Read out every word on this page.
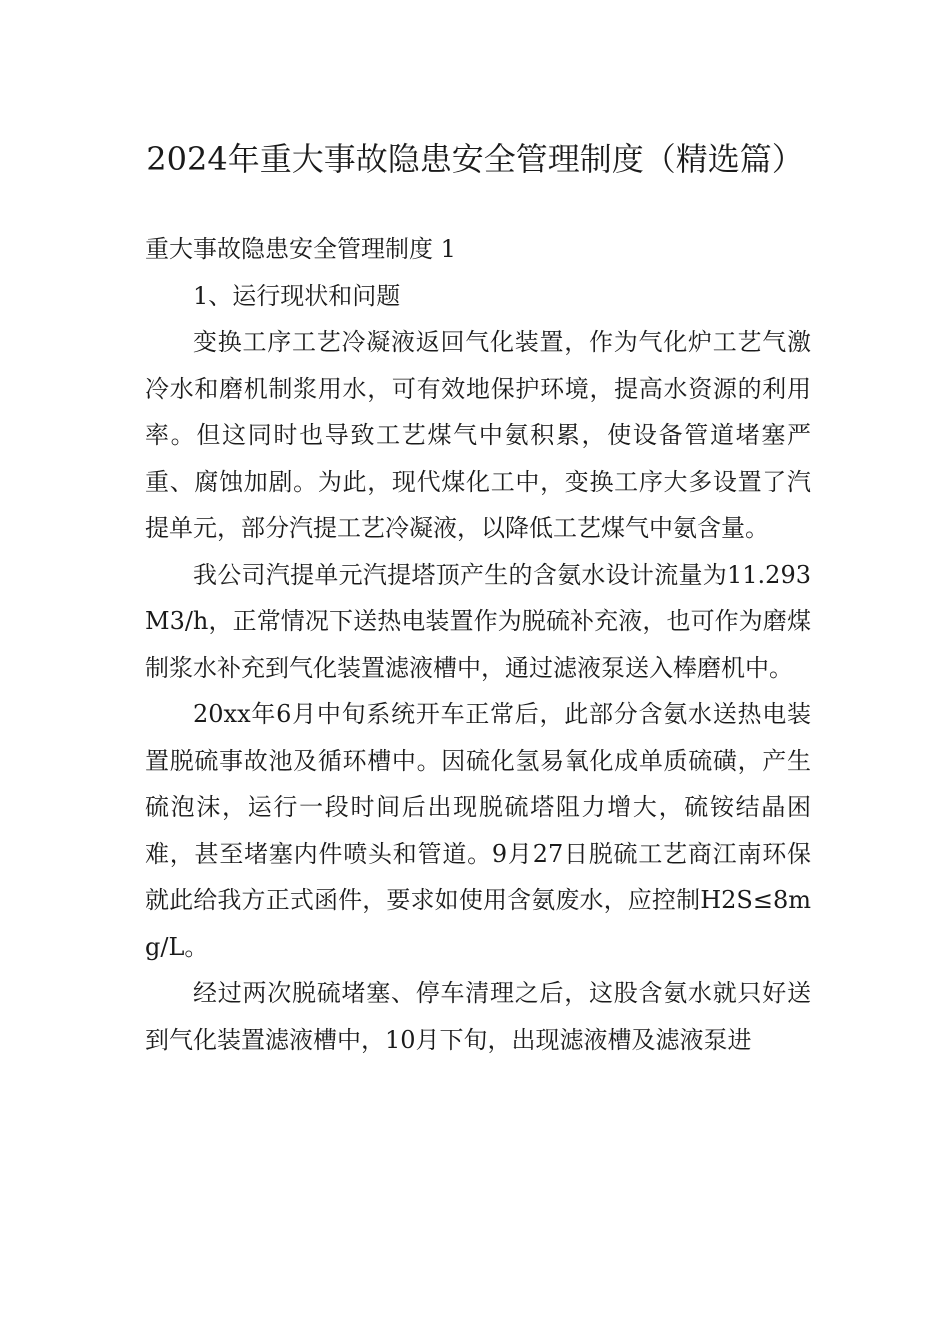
2024年重大事故隐患安全管理制度（精选篇）
重大事故隐患安全管理制度 1

1、运行现状和问题

变换工序工艺冷凝液返回气化装置，作为气化炉工艺气激冷水和磨机制浆用水，可有效地保护环境，提高水资源的利用率。但这同时也导致工艺煤气中氨积累，使设备管道堵塞严重、腐蚀加剧。为此，现代煤化工中，变换工序大多设置了汽提单元，部分汽提工艺冷凝液，以降低工艺煤气中氨含量。

我公司汽提单元汽提塔顶产生的含氨水设计流量为11.293M3/h，正常情况下送热电装置作为脱硫补充液，也可作为磨煤制浆水补充到气化装置滤液槽中，通过滤液泵送入棒磨机中。

20xx年6月中旬系统开车正常后，此部分含氨水送热电装置脱硫事故池及循环槽中。因硫化氢易氧化成单质硫磺，产生硫泡沫，运行一段时间后出现脱硫塔阻力增大，硫铵结晶困难，甚至堵塞内件喷头和管道。9月27日脱硫工艺商江南环保就此给我方正式函件，要求如使用含氨废水，应控制H2S≤8mg/L。

经过两次脱硫堵塞、停车清理之后，这股含氨水就只好送到气化装置滤液槽中，10月下旬，出现滤液槽及滤液泵进
